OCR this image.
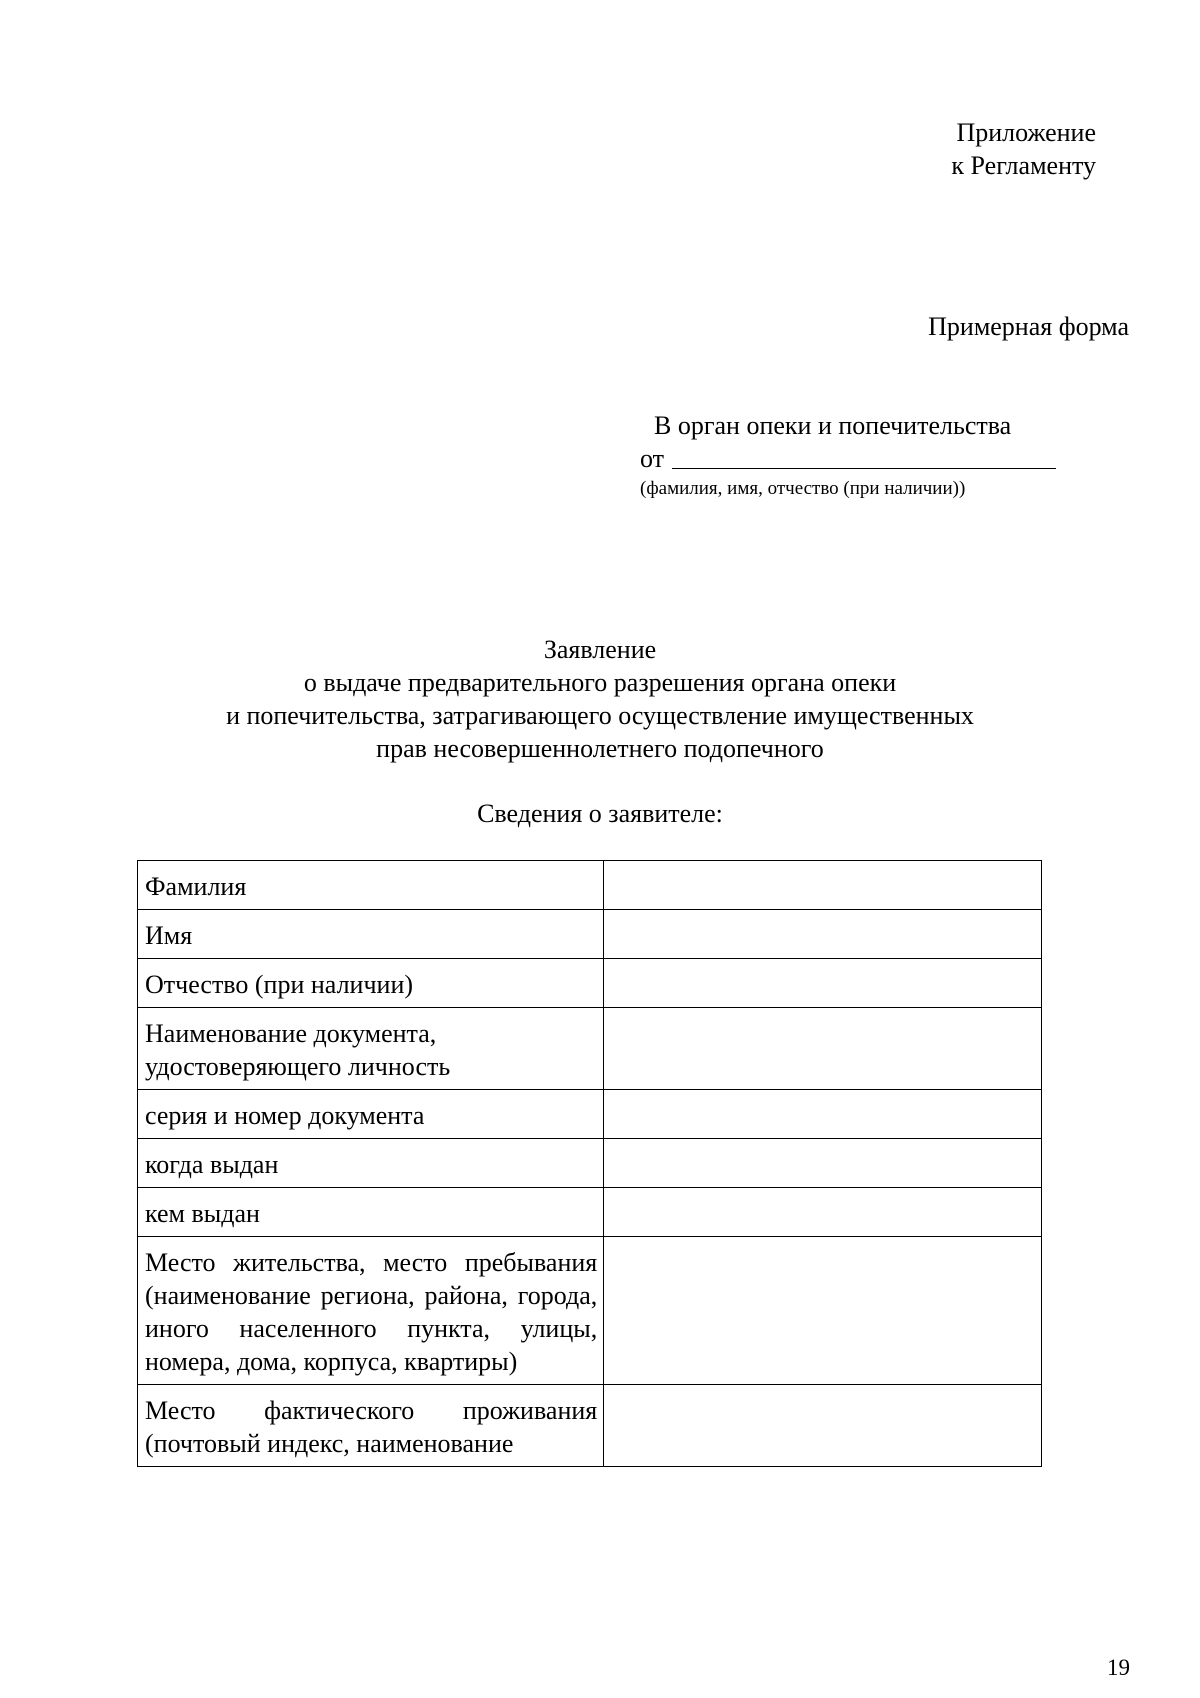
Приложение
к Регламенту
Примерная форма
В орган опеки и попечительства
от
(фамилия, имя, отчество (при наличии))
Заявление
о выдаче предварительного разрешения органа опеки
и попечительства, затрагивающего осуществление имущественных
прав несовершеннолетнего подопечного
Сведения о заявителе:
Фамилия	
Имя	
Отчество (при наличии)	
Наименование документа, удостоверяющего личность	
серия и номер документа	
когда выдан	
кем выдан	
Место жительства, место пребывания (наименование региона, района, города, иного населенного пункта, улицы, номера, дома, корпуса, квартиры)	
Место фактического проживания (почтовый индекс, наименование	
19
